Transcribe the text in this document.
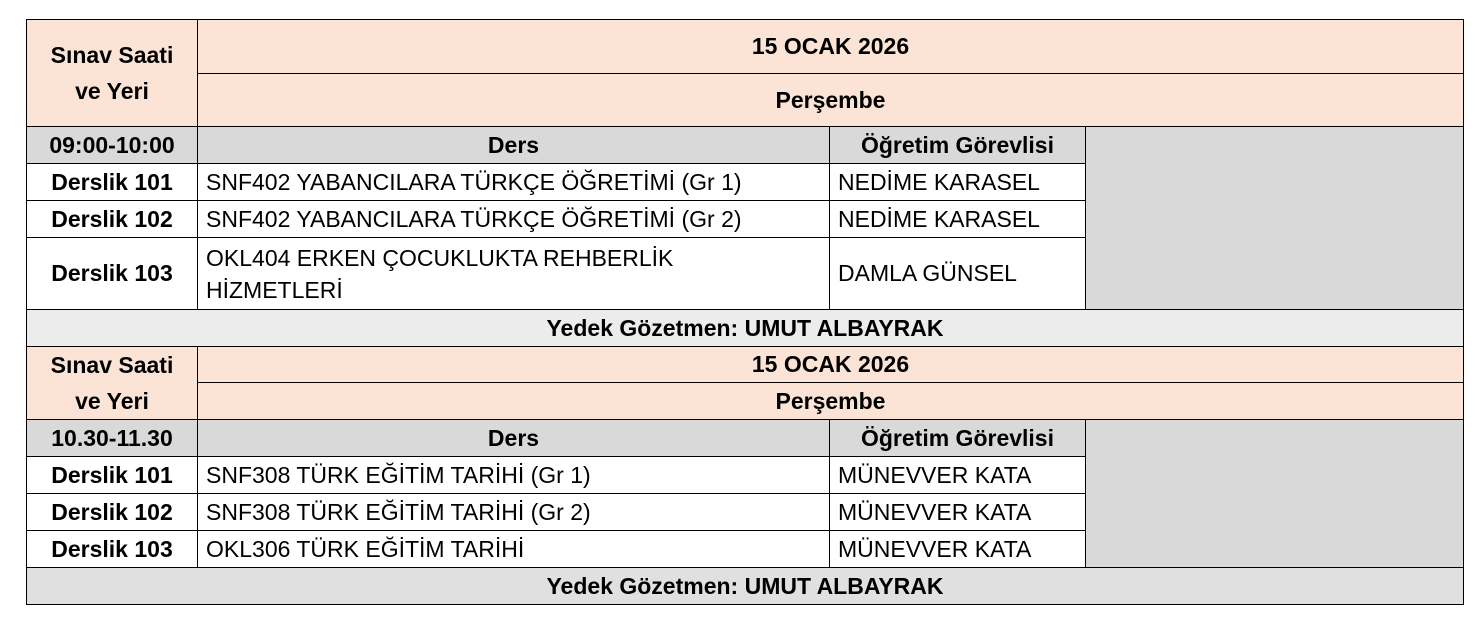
Sınav Saati
ve Yeri	15 OCAK 2026		
	Perşembe		
09:00-10:00	Ders	Öğretim Görevlisi	
Derslik 101	SNF402 YABANCILARA TÜRKÇE ÖĞRETİMİ (Gr 1)	NEDİME KARASEL	
Derslik 102	SNF402 YABANCILARA TÜRKÇE ÖĞRETİMİ (Gr 2)	NEDİME KARASEL	
Derslik 103	OKL404 ERKEN ÇOCUKLUKTA REHBERLİK HİZMETLERİ	DAMLA GÜNSEL	
Yedek Gözetmen: UMUT ALBAYRAK			
Sınav Saati
ve Yeri	15 OCAK 2026		
	Perşembe		
10.30-11.30	Ders	Öğretim Görevlisi	
Derslik 101	SNF308 TÜRK EĞİTİM TARİHİ (Gr 1)	MÜNEVVER KATA	
Derslik 102	SNF308 TÜRK EĞİTİM TARİHİ (Gr 2)	MÜNEVVER KATA	
Derslik 103	OKL306 TÜRK EĞİTİM TARİHİ	MÜNEVVER KATA	
Yedek Gözetmen: UMUT ALBAYRAK			
